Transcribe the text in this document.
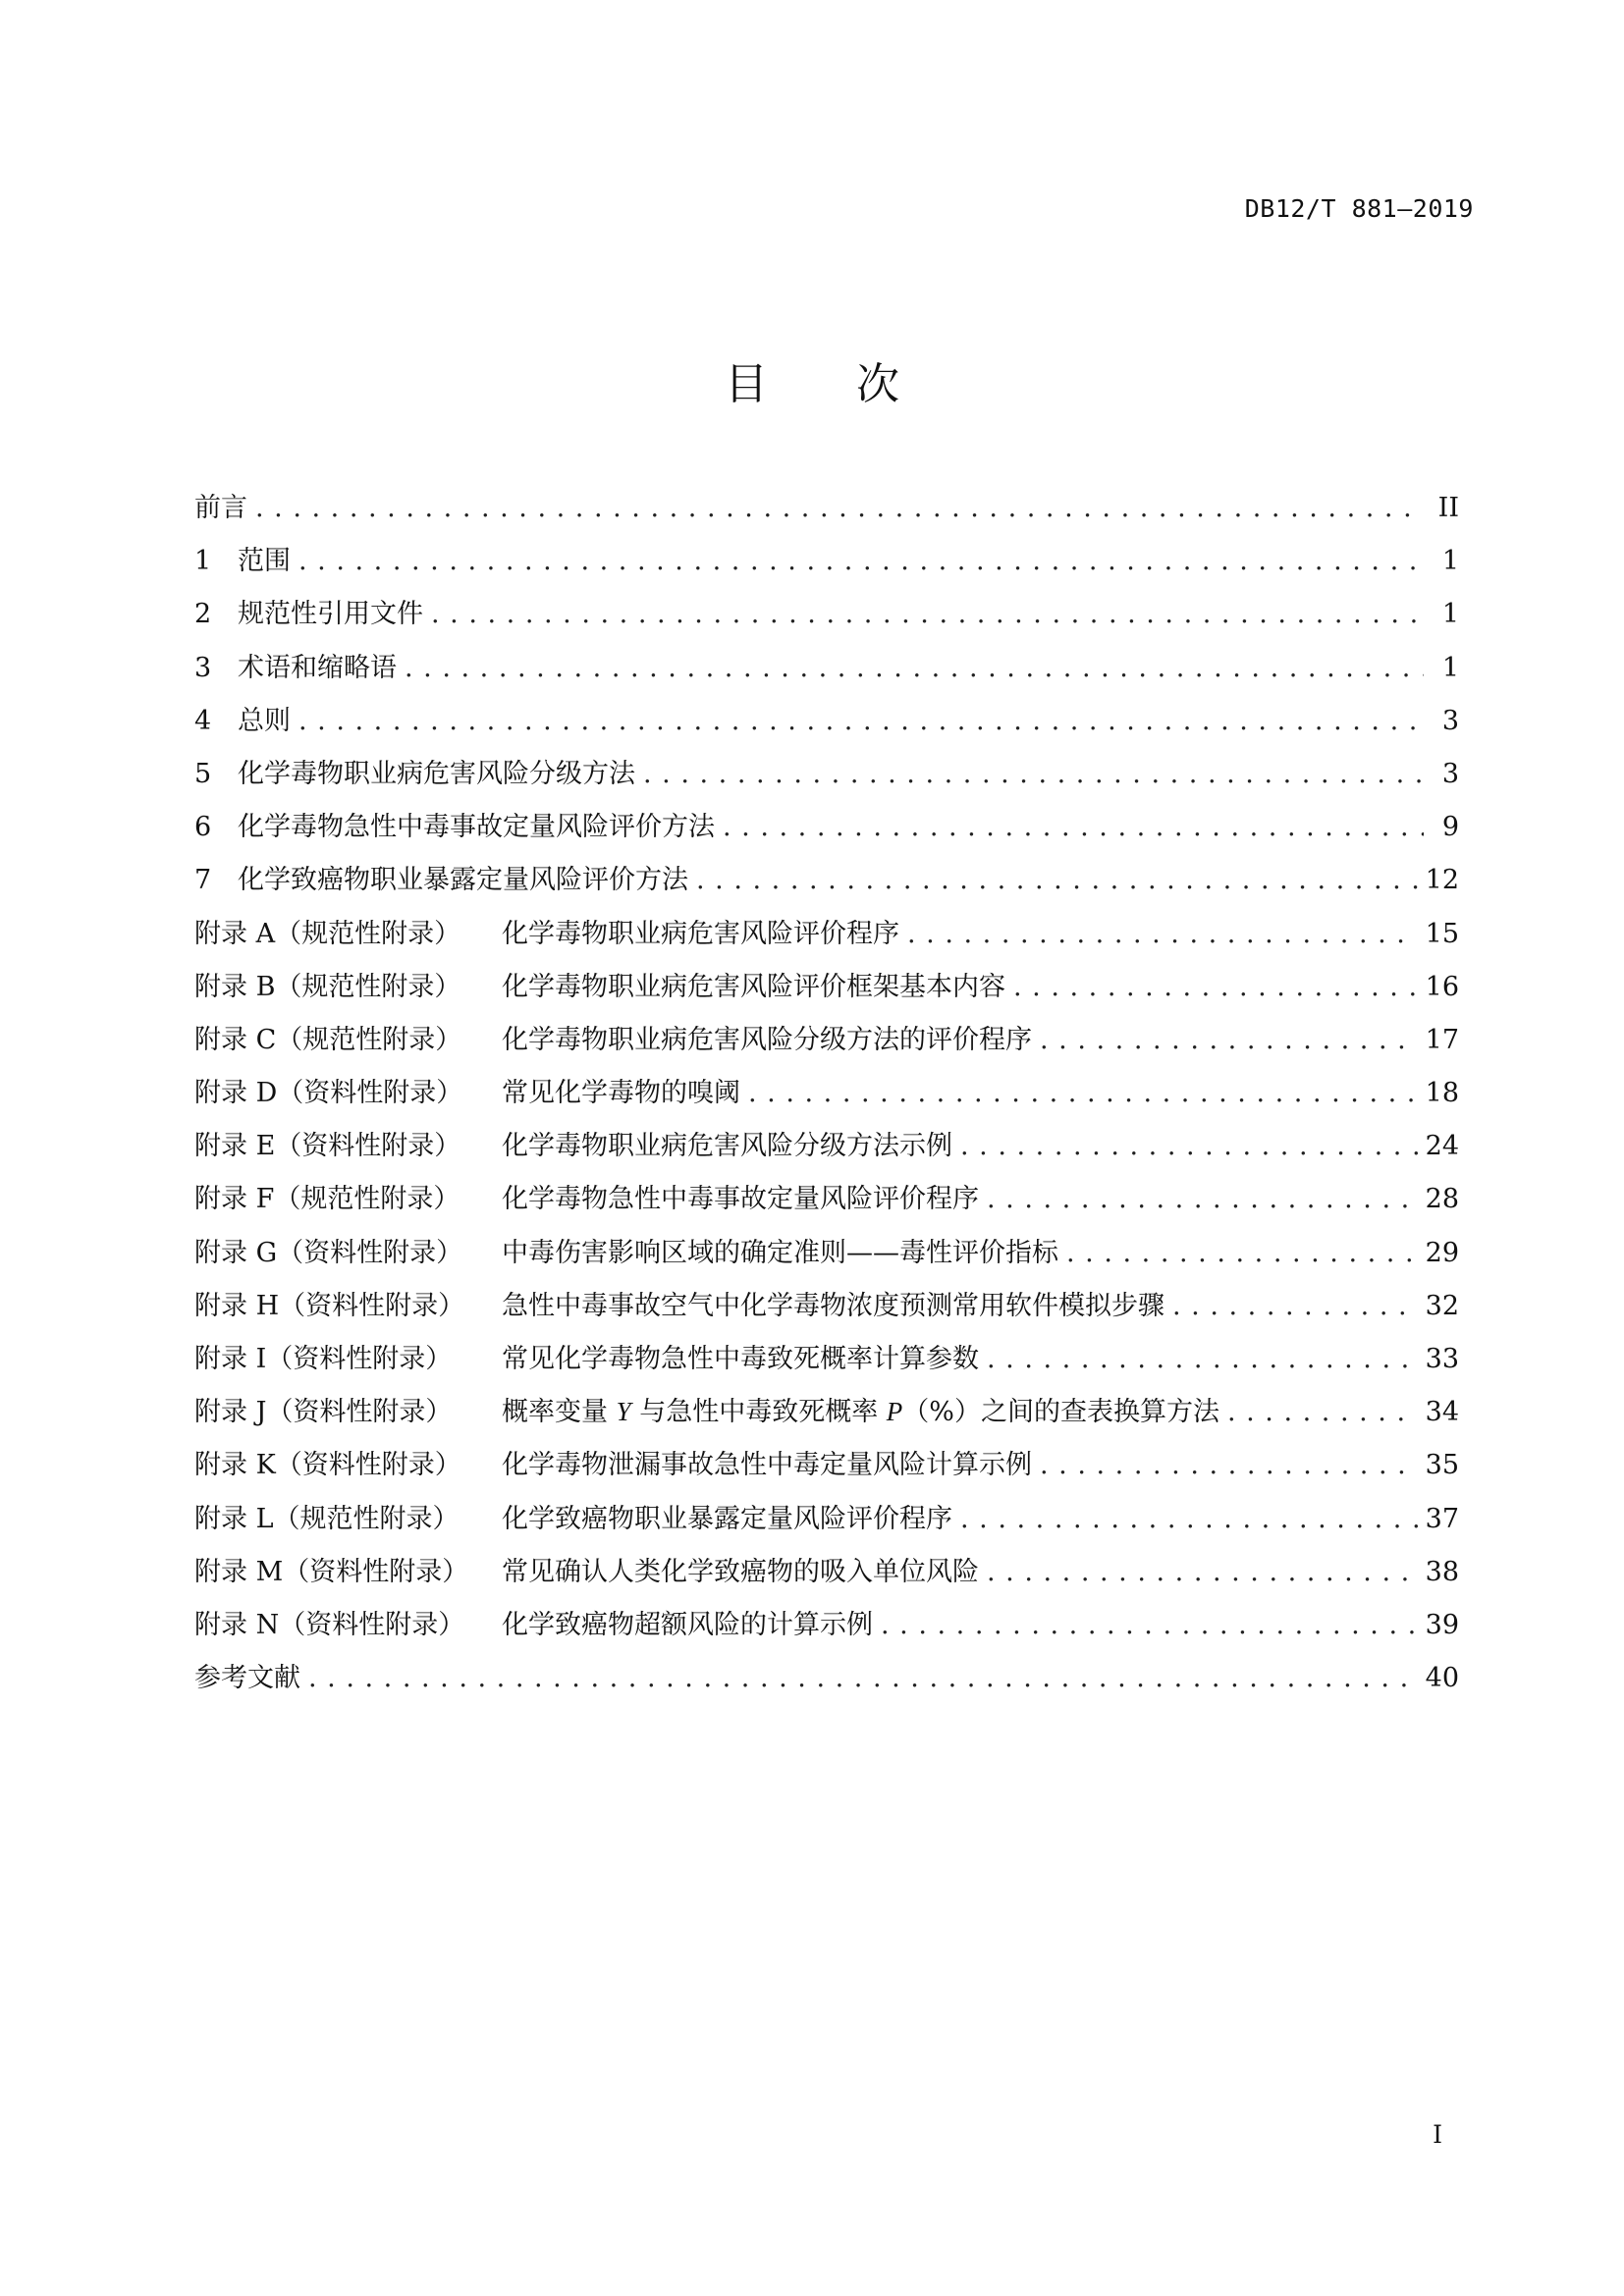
DB12/T 881—2019
目次
前言 . . .	II
1 范围 . . .	1
2 规范性引用文件 . . .	1
3 术语和缩略语 . . .	1
4 总则 . . .	3
5 化学毒物职业病危害风险分级方法 . . .	3
6 化学毒物急性中毒事故定量风险评价方法 . . .	9
7 化学致癌物职业暴露定量风险评价方法 . . .	12
附录 A（规范性附录）	化学毒物职业病危害风险评价程序 . . .	15
附录 B（规范性附录）	化学毒物职业病危害风险评价框架基本内容 . . .	16
附录 C（规范性附录）	化学毒物职业病危害风险分级方法的评价程序 . . .	17
附录 D（资料性附录）	常见化学毒物的嗅阈 . . .	18
附录 E（资料性附录）	化学毒物职业病危害风险分级方法示例 . . .	24
附录 F（规范性附录）	化学毒物急性中毒事故定量风险评价程序 . . .	28
附录 G（资料性附录）	中毒伤害影响区域的确定准则——毒性评价指标 . . .	29
附录 H（资料性附录）	急性中毒事故空气中化学毒物浓度预测常用软件模拟步骤 . . .	32
附录 I（资料性附录）	常见化学毒物急性中毒致死概率计算参数 . . .	33
附录 J（资料性附录）	概率变量 Y 与急性中毒致死概率 P（%）之间的查表换算方法 . . .	34
附录 K（资料性附录）	化学毒物泄漏事故急性中毒定量风险计算示例 . . .	35
附录 L（规范性附录）	化学致癌物职业暴露定量风险评价程序 . . .	37
附录 M（资料性附录）	常见确认人类化学致癌物的吸入单位风险 . . .	38
附录 N（资料性附录）	化学致癌物超额风险的计算示例 . . .	39
参考文献 . . .	40
I
